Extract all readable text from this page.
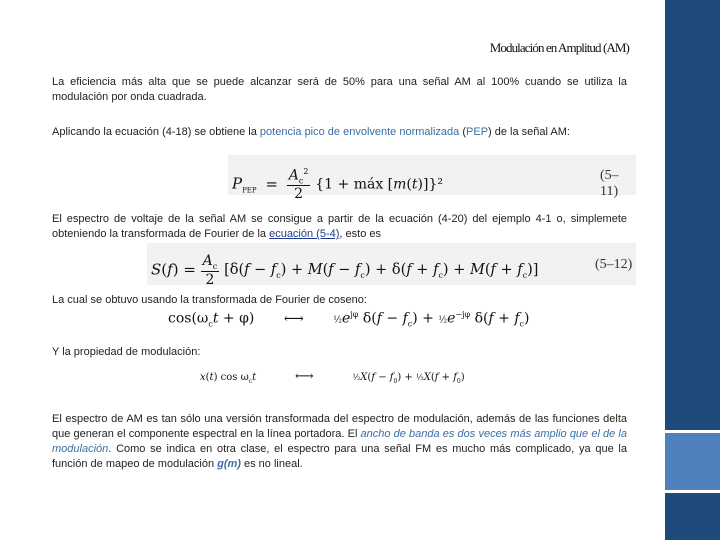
Modulación en Amplitud (AM)
La eficiencia más alta que se puede alcanzar será de 50% para una señal AM al 100% cuando se utiliza la modulación por onda cuadrada.
Aplicando la ecuación (4-18) se obtiene la potencia pico de envolvente normalizada (PEP) de la señal AM:
$P_{PEP} = \frac{A_c^2}{2} \{1$ + máx [m(t)]}²
(5–11)
El espectro de voltaje de la señal AM se consigue a partir de la ecuación (4-20) del ejemplo 4-1 o, simplemete obteniendo la transformada de Fourier de la ecuación (5-4), esto es
$S(f) = \frac{A_c}{2} [\delta(f - f_c) + M(f - f_c) + \delta(f + f_c) + M(f + f_c)]$	(5–12)
La cual se obtuvo usando la transformada de Fourier de coseno:
$\cos(\omega_ct + \varphi)$ ⟷	$\frac{1}{2}e^{j\varphi}$ $\delta(f - f_c)$ + $\frac{1}{2}e^{-j\varphi}$ $\delta(f + f_c)$
Y la propiedad de modulación:
x(t) $\cos \omega_ct$	⟷	½X(f − $f_0$) + ½X(f + $f_0$)
El espectro de AM es tan sólo una versión transformada del espectro de modulación, además de las funciones delta que generan el componente espectral en la línea portadora. El ancho de banda es dos veces más amplio que el de la modulación. Como se indica en otra clase, el espectro para una señal FM es mucho más complicado, ya que la función de mapeo de modulación g(m) es no lineal.
